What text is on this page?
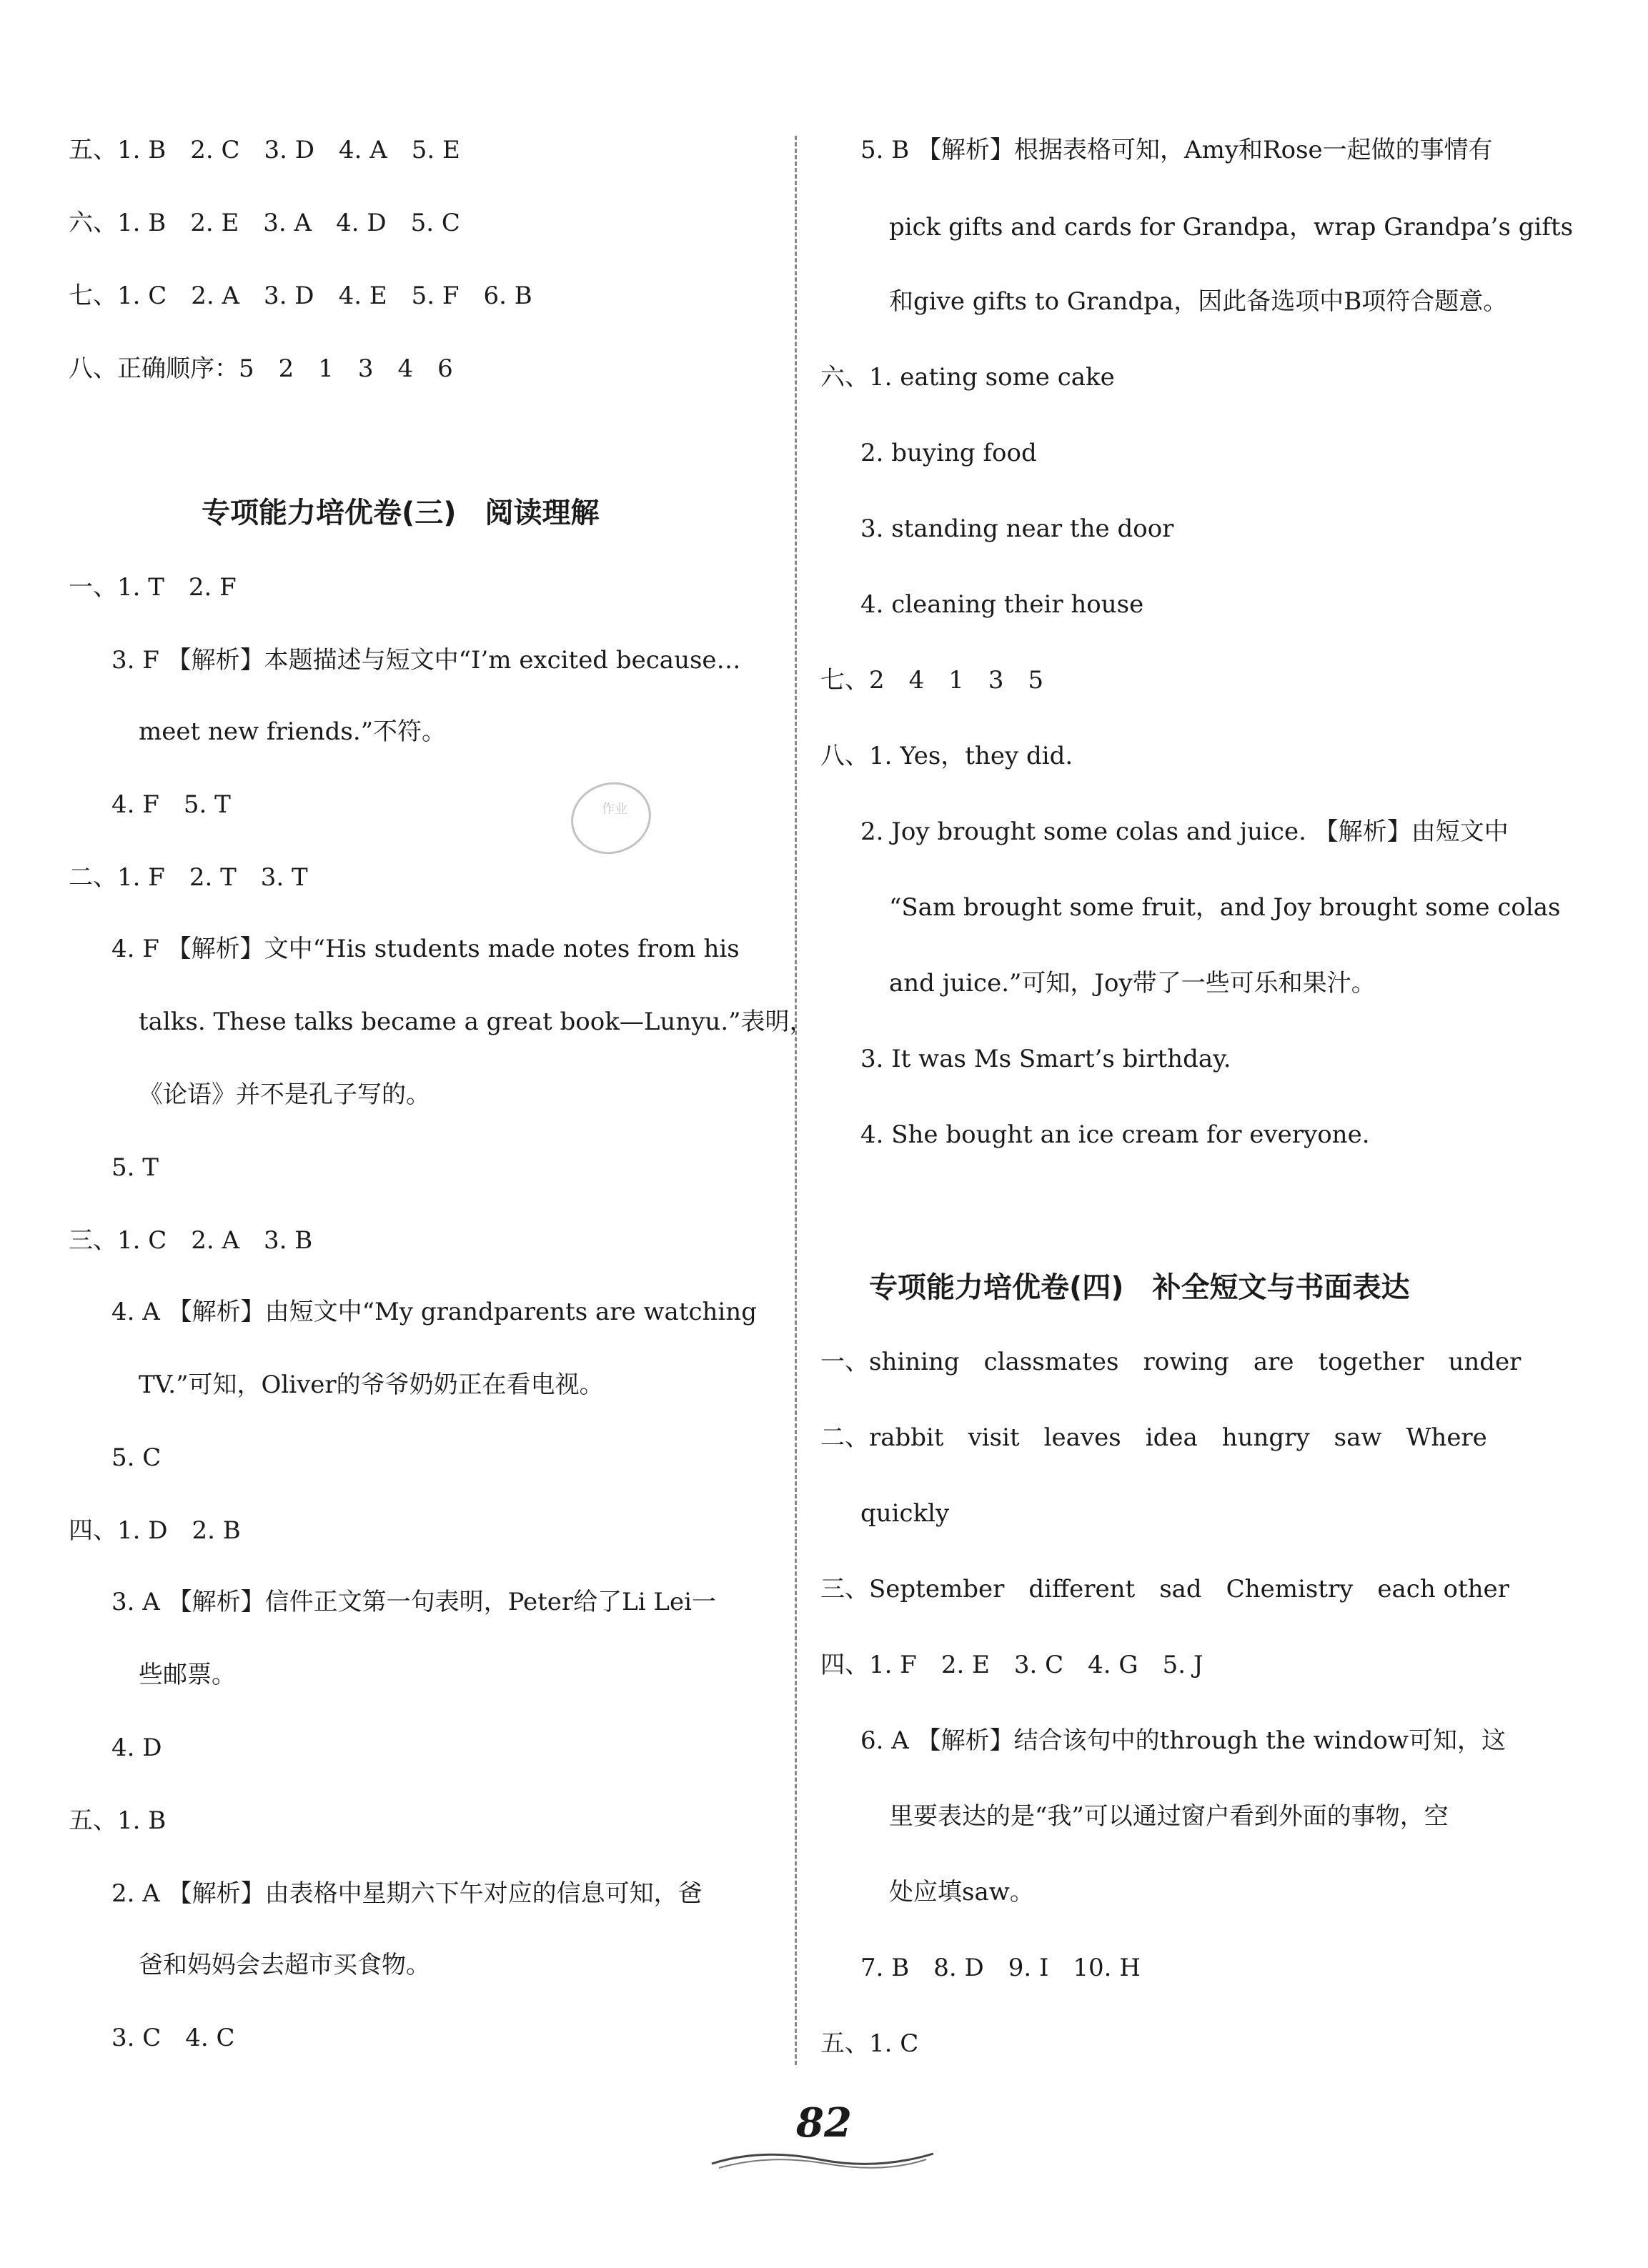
五、1. B　2. C　3. D　4. A　5. E
六、1. B　2. E　3. A　4. D　5. C
七、1. C　2. A　3. D　4. E　5. F　6. B
八、正确顺序：5　2　1　3　4　6
专项能力培优卷(三)　阅读理解
一、1. T　2. F
3. F 【解析】本题描述与短文中“I’m excited because…
meet new friends.”不符。
4. F　5. T
二、1. F　2. T　3. T
4. F 【解析】文中“His students made notes from his
talks. These talks became a great book—Lunyu.”表明，
《论语》并不是孔子写的。
5. T
三、1. C　2. A　3. B
4. A 【解析】由短文中“My grandparents are watching
TV.”可知，Oliver的爷爷奶奶正在看电视。
5. C
四、1. D　2. B
3. A 【解析】信件正文第一句表明，Peter给了Li Lei一
些邮票。
4. D
五、1. B
2. A 【解析】由表格中星期六下午对应的信息可知，爸
爸和妈妈会去超市买食物。
3. C　4. C
5. B 【解析】根据表格可知，Amy和Rose一起做的事情有
pick gifts and cards for Grandpa，wrap Grandpa’s gifts
和give gifts to Grandpa，因此备选项中B项符合题意。
六、1. eating some cake
2. buying food
3. standing near the door
4. cleaning their house
七、2　4　1　3　5
八、1. Yes，they did.
2. Joy brought some colas and juice. 【解析】由短文中
“Sam brought some fruit，and Joy brought some colas
and juice.”可知，Joy带了一些可乐和果汁。
3. It was Ms Smart’s birthday.
4. She bought an ice cream for everyone.
专项能力培优卷(四)　补全短文与书面表达
一、shining　classmates　rowing　are　together　under
二、rabbit　visit　leaves　idea　hungry　saw　Where
quickly
三、September　different　sad　Chemistry　each other
四、1. F　2. E　3. C　4. G　5. J
6. A 【解析】结合该句中的through the window可知，这
里要表达的是“我”可以通过窗户看到外面的事物，空
处应填saw。
7. B　8. D　9. I　10. H
五、1. C
作业
82
